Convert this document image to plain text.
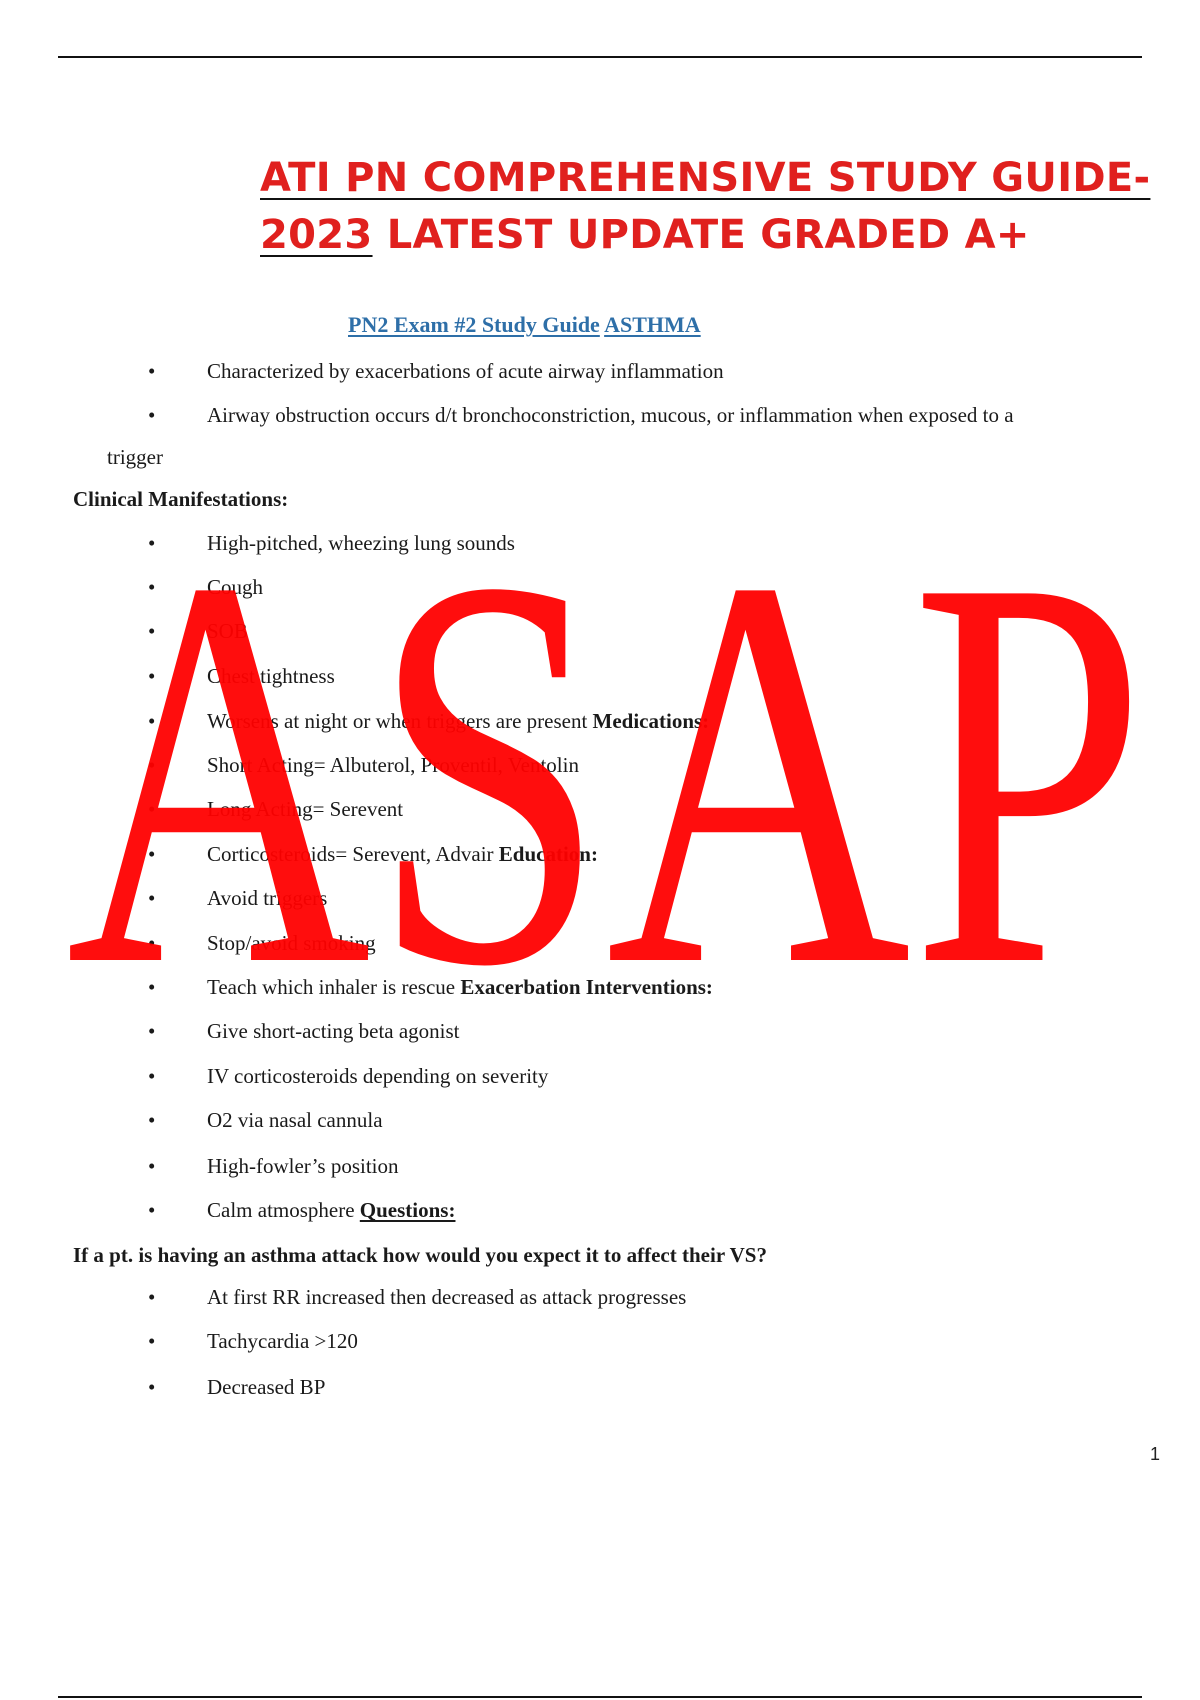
ATI PN COMPREHENSIVE STUDY GUIDE-
2023 LATEST UPDATE GRADED A+
PN2 Exam #2 Study Guide ASTHMA
• Characterized by exacerbations of acute airway inflammation
• Airway obstruction occurs d/t bronchoconstriction, mucous, or inflammation when exposed to a
trigger
Clinical Manifestations:
• High-pitched, wheezing lung sounds
• Cough
• SOB
• Chest tightness
• Worsens at night or when triggers are present Medications:
• Short Acting= Albuterol, Proventil, Ventolin
• Long Acting= Serevent
• Corticosteroids= Serevent, Advair Education:
• Avoid triggers
• Stop/avoid smoking
• Teach which inhaler is rescue Exacerbation Interventions:
• Give short-acting beta agonist
• IV corticosteroids depending on severity
• O2 via nasal cannula
• High-fowler’s position
• Calm atmosphere Questions:
If a pt. is having an asthma attack how would you expect it to affect their VS?
• At first RR increased then decreased as attack progresses
• Tachycardia >120
• Decreased BP
1
ASAP
